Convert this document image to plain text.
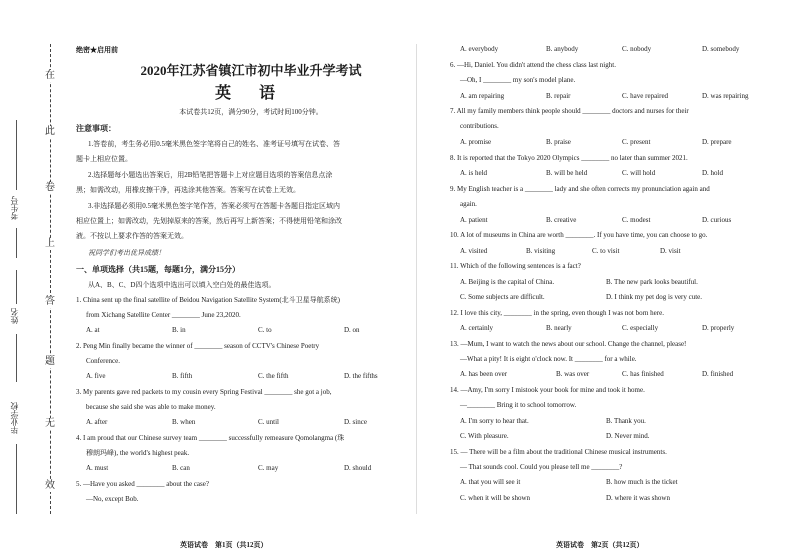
在
此
卷
上
答
题
无
效
考生号
姓名
毕业学校
绝密★启用前
2020年江苏省镇江市初中毕业升学考试
英 语
本试卷共12页，满分90分，考试时间100分钟。
注意事项：
1.答卷前，考生务必用0.5毫米黑色签字笔将自己的姓名、准考证号填写在试卷、答
题卡上相应位置。
2.选择题每小题选出答案后，用2B铅笔把答题卡上对应题目选项的答案信息点涂
黑；如需改动，用橡皮擦干净，再选涂其他答案。答案写在试卷上无效。
3.非选择题必须用0.5毫米黑色签字笔作答，答案必须写在答题卡各题目指定区域内
相应位置上；如需改动，先划掉原来的答案，然后再写上新答案；不得使用铅笔和涂改
液。不按以上要求作答的答案无效。
祝同学们考出优异成绩！
一、单项选择（共15题，每题1分，满分15分）
从A、B、C、D四个选项中选出可以填入空白处的最佳选项。
1. China sent up the final satellite of Beidou Navigation Satellite System(北斗卫星导航系统)
from Xichang Satellite Center ________ June 23,2020.
A. at	B. in	C. to	D. on
2. Peng Min finally became the winner of ________ season of CCTV's Chinese Poetry
Conference.
A. five	B. fifth	C. the fifth	D. the fifths
3. My parents gave red packets to my cousin every Spring Festival ________ she got a job,
because she said she was able to make money.
A. after	B. when	C. until	D. since
4. I am proud that our Chinese survey team ________ successfully remeasure Qomolangma (珠
穆朗玛峰), the world's highest peak.
A. must	B. can	C. may	D. should
5. —Have you asked ________ about the case?
—No, except Bob.
英语试卷　第1页（共12页）
A. everybody	B. anybody	C. nobody	D. somebody
6. —Hi, Daniel. You didn't attend the chess class last night.
—Oh, I ________ my son's model plane.
A. am repairing	B. repair	C. have repaired	D. was repairing
7. All my family members think people should ________ doctors and nurses for their
contributions.
A. promise	B. praise	C. present	D. prepare
8. It is reported that the Tokyo 2020 Olympics ________ no later than summer 2021.
A. is held	B. will be held	C. will hold	D. hold
9. My English teacher is a ________ lady and she often corrects my pronunciation again and
again.
A. patient	B. creative	C. modest	D. curious
10. A lot of museums in China are worth ________. If you have time, you can choose to go.
A. visited	B. visiting	C. to visit	D. visit
11. Which of the following sentences is a fact?
A. Beijing is the capital of China.	B. The new park looks beautiful.
C. Some subjects are difficult.	D. I think my pet dog is very cute.
12. I love this city, ________ in the spring, even though I was not born here.
A. certainly	B. nearly	C. especially	D. properly
13. —Mum, I want to watch the news about our school. Change the channel, please!
—What a pity! It is eight o'clock now. It ________ for a while.
A. has been over	B. was over	C. has finished	D. finished
14. —Amy, I'm sorry I mistook your book for mine and took it home.
—________ Bring it to school tomorrow.
A. I'm sorry to hear that.	B. Thank you.
C. With pleasure.	D. Never mind.
15. — There will be a film about the traditional Chinese musical instruments.
— That sounds cool. Could you please tell me ________?
A. that you will see it	B. how much is the ticket
C. when it will be shown	D. where it was shown
英语试卷　第2页（共12页）
